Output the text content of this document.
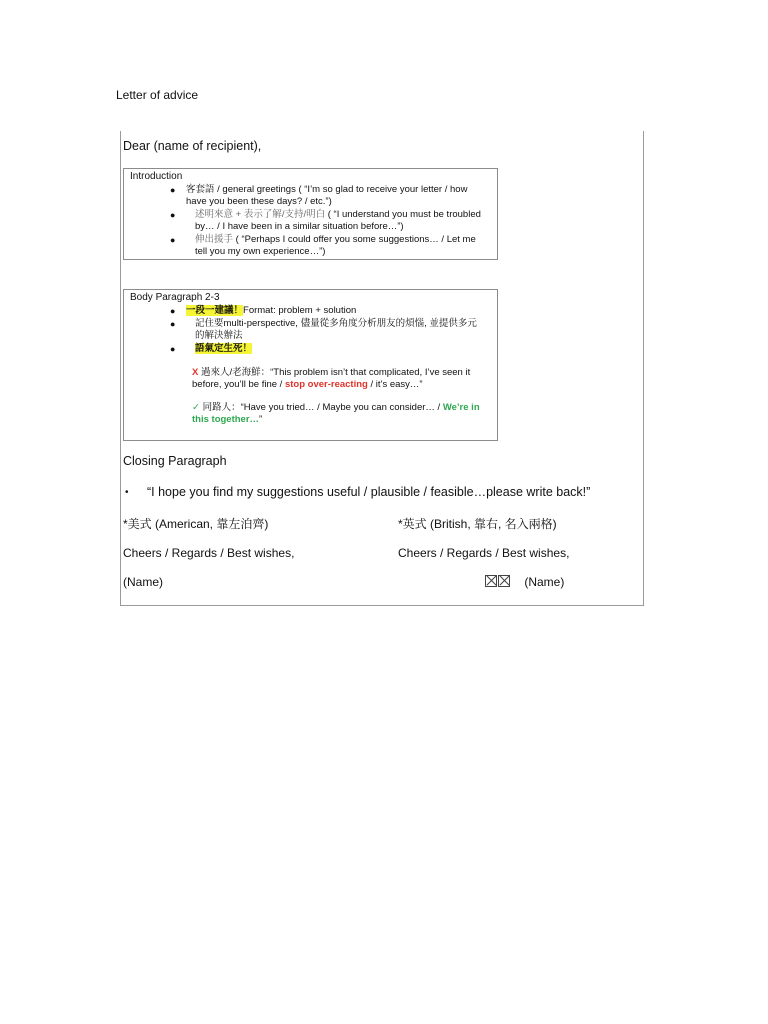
Letter of advice
Dear (name of recipient),
Introduction
● 客套語 / general greetings ( “I’m so glad to receive your letter / how have you been these days? / etc.”)
● 述明來意 + 表示了解/支持/明白 ( “I understand you must be troubled by… / I have been in a similar situation before…”)
● 伸出援手 ( “Perhaps I could offer you some suggestions… / Let me tell you my own experience…”)
Body Paragraph 2-3
● 一段一建議！Format: problem + solution
● 記住要multi-perspective, 儘量從多角度分析朋友的煩惱, 並提供多元的解決辦法
● 語氣定生死！
X 過來人/老海鮮：“This problem isn’t that complicated, I’ve seen it before, you’ll be fine / stop over-reacting / it’s easy…”
✓ 同路人：“Have you tried… / Maybe you can consider… / We’re in this together…”
Closing Paragraph
• “I hope you find my suggestions useful / plausible / feasible…please write back!”
*美式 (American, 靠左泊齊)	*英式 (British, 靠右, 名入兩格)
Cheers / Regards / Best wishes,	Cheers / Regards / Best wishes,
(Name)	(Name)
